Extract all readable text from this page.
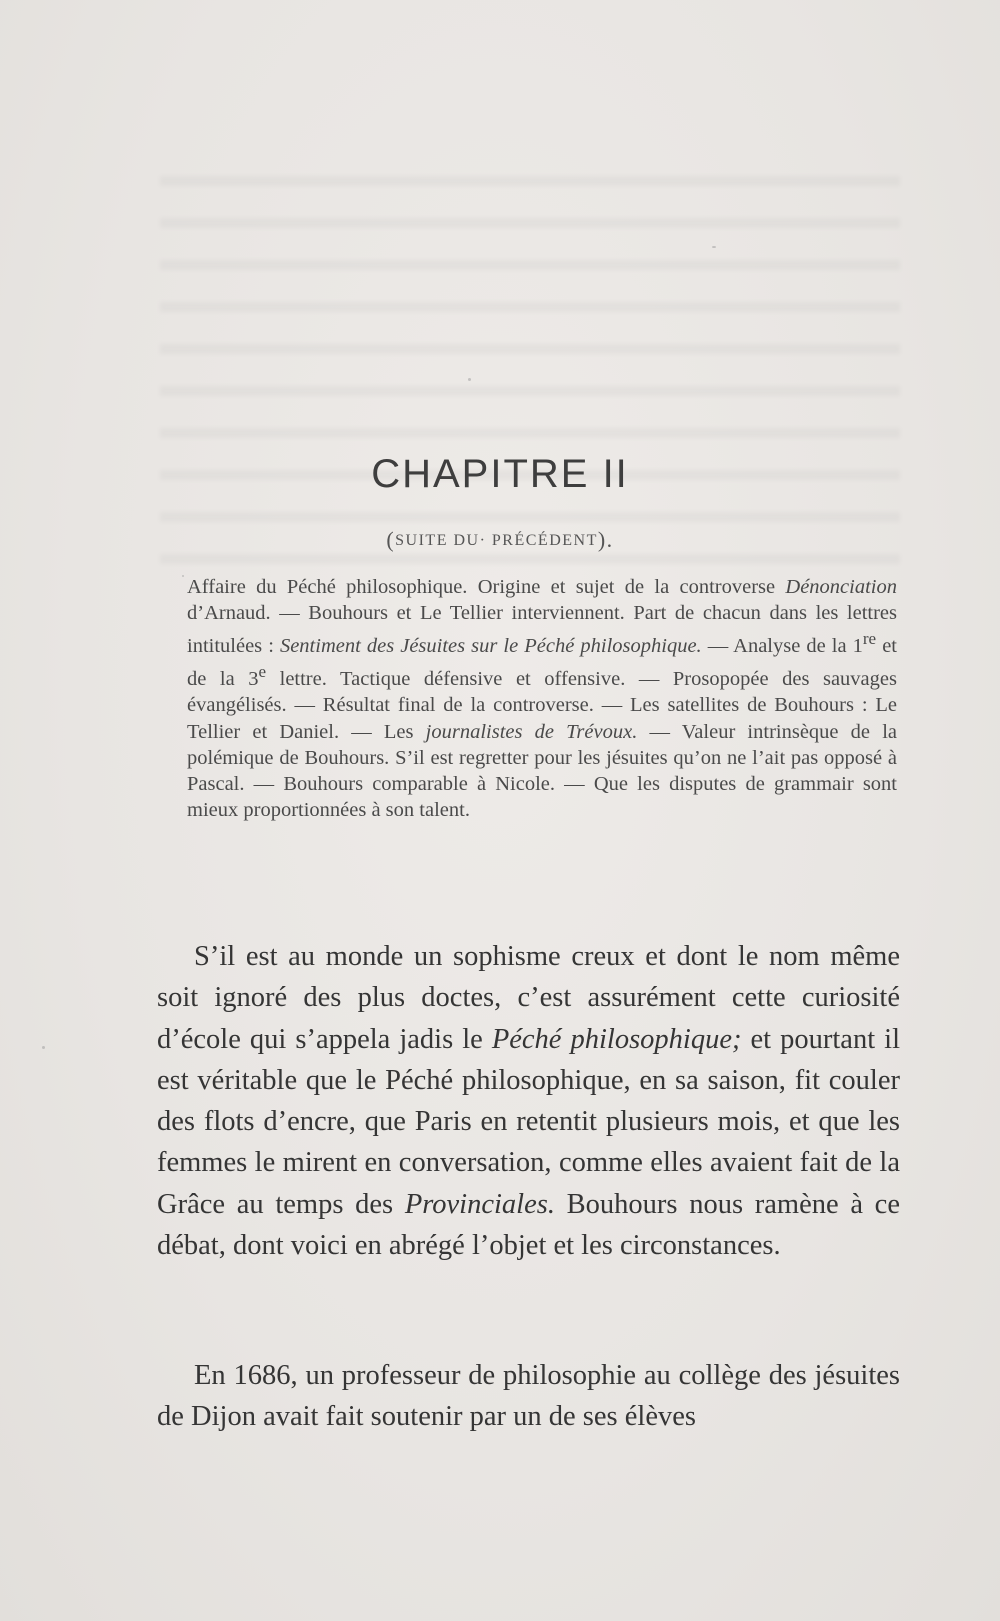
CHAPITRE II

(SUITE DU· PRÉCÉDENT).

Affaire du Péché philosophique. Origine et sujet de la controverse Dénonciation d’Arnaud. — Bouhours et Le Tellier interviennent. Part de chacun dans les lettres intitulées : Sentiment des Jésuites sur le Péché philosophique. — Analyse de la 1re et de la 3e lettre. Tactique défensive et offensive. — Prosopopée des sauvages évangélisés. — Résultat final de la controverse. — Les satellites de Bouhours : Le Tellier et Daniel. — Les journalistes de Trévoux. — Valeur intrinsèque de la polémique de Bouhours. S’il est regretter pour les jésuites qu’on ne l’ait pas opposé à Pascal. — Bouhours comparable à Nicole. — Que les disputes de grammair sont mieux proportionnées à son talent.

S’il est au monde un sophisme creux et dont le nom même soit ignoré des plus doctes, c’est assurément cette curiosité d’école qui s’appela jadis le Péché philosophique; et pourtant il est véritable que le Péché philosophique, en sa saison, fit couler des flots d’encre, que Paris en retentit plusieurs mois, et que les femmes le mirent en conversation, comme elles avaient fait de la Grâce au temps des Provinciales. Bouhours nous ramène à ce débat, dont voici en abrégé l’objet et les circonstances.

En 1686, un professeur de philosophie au collège des jésuites de Dijon avait fait soutenir par un de ses élèves
